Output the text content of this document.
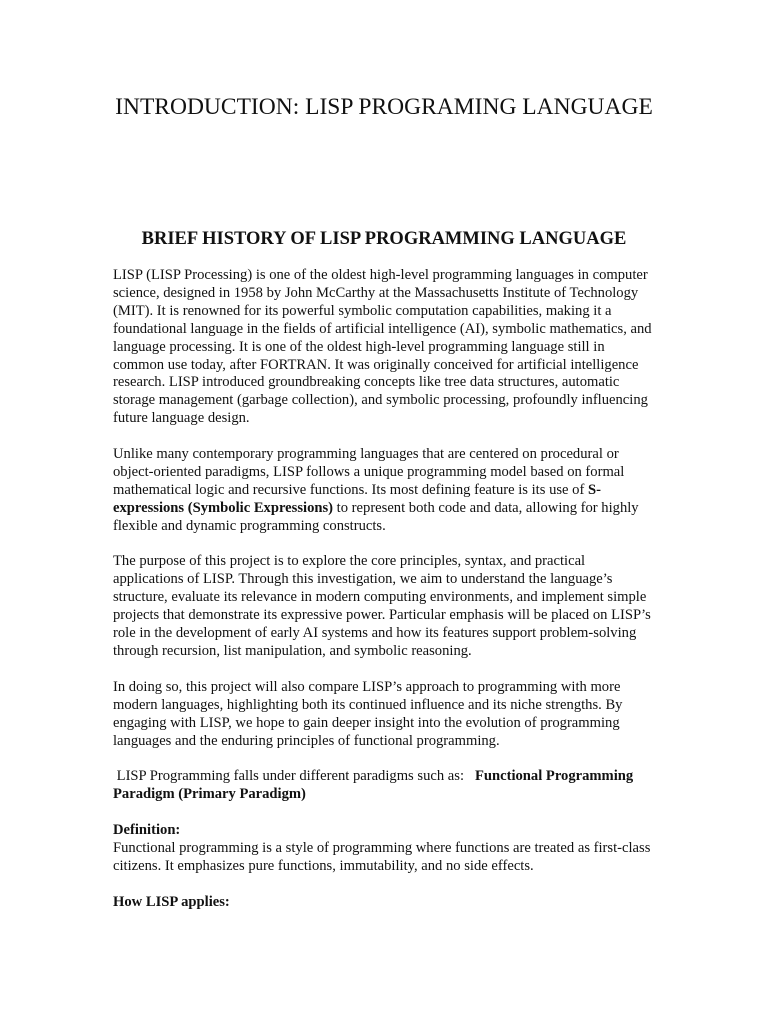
INTRODUCTION: LISP PROGRAMING LANGUAGE
BRIEF HISTORY OF LISP PROGRAMMING LANGUAGE

LISP (LISP Processing) is one of the oldest high-level programming languages in computer science, designed in 1958 by John McCarthy at the Massachusetts Institute of Technology (MIT). It is renowned for its powerful symbolic computation capabilities, making it a foundational language in the fields of artificial intelligence (AI), symbolic mathematics, and language processing. It is one of the oldest high-level programming language still in common use today, after FORTRAN. It was originally conceived for artificial intelligence research. LISP introduced groundbreaking concepts like tree data structures, automatic storage management (garbage collection), and symbolic processing, profoundly influencing future language design.

Unlike many contemporary programming languages that are centered on procedural or object-oriented paradigms, LISP follows a unique programming model based on formal mathematical logic and recursive functions. Its most defining feature is its use of S-expressions (Symbolic Expressions) to represent both code and data, allowing for highly flexible and dynamic programming constructs.

The purpose of this project is to explore the core principles, syntax, and practical applications of LISP. Through this investigation, we aim to understand the language’s structure, evaluate its relevance in modern computing environments, and implement simple projects that demonstrate its expressive power. Particular emphasis will be placed on LISP’s role in the development of early AI systems and how its features support problem-solving through recursion, list manipulation, and symbolic reasoning.

In doing so, this project will also compare LISP’s approach to programming with more modern languages, highlighting both its continued influence and its niche strengths. By engaging with LISP, we hope to gain deeper insight into the evolution of programming languages and the enduring principles of functional programming.

LISP Programming falls under different paradigms such as:   Functional Programming Paradigm (Primary Paradigm)

Definition:
Functional programming is a style of programming where functions are treated as first-class citizens. It emphasizes pure functions, immutability, and no side effects.

How LISP applies:
